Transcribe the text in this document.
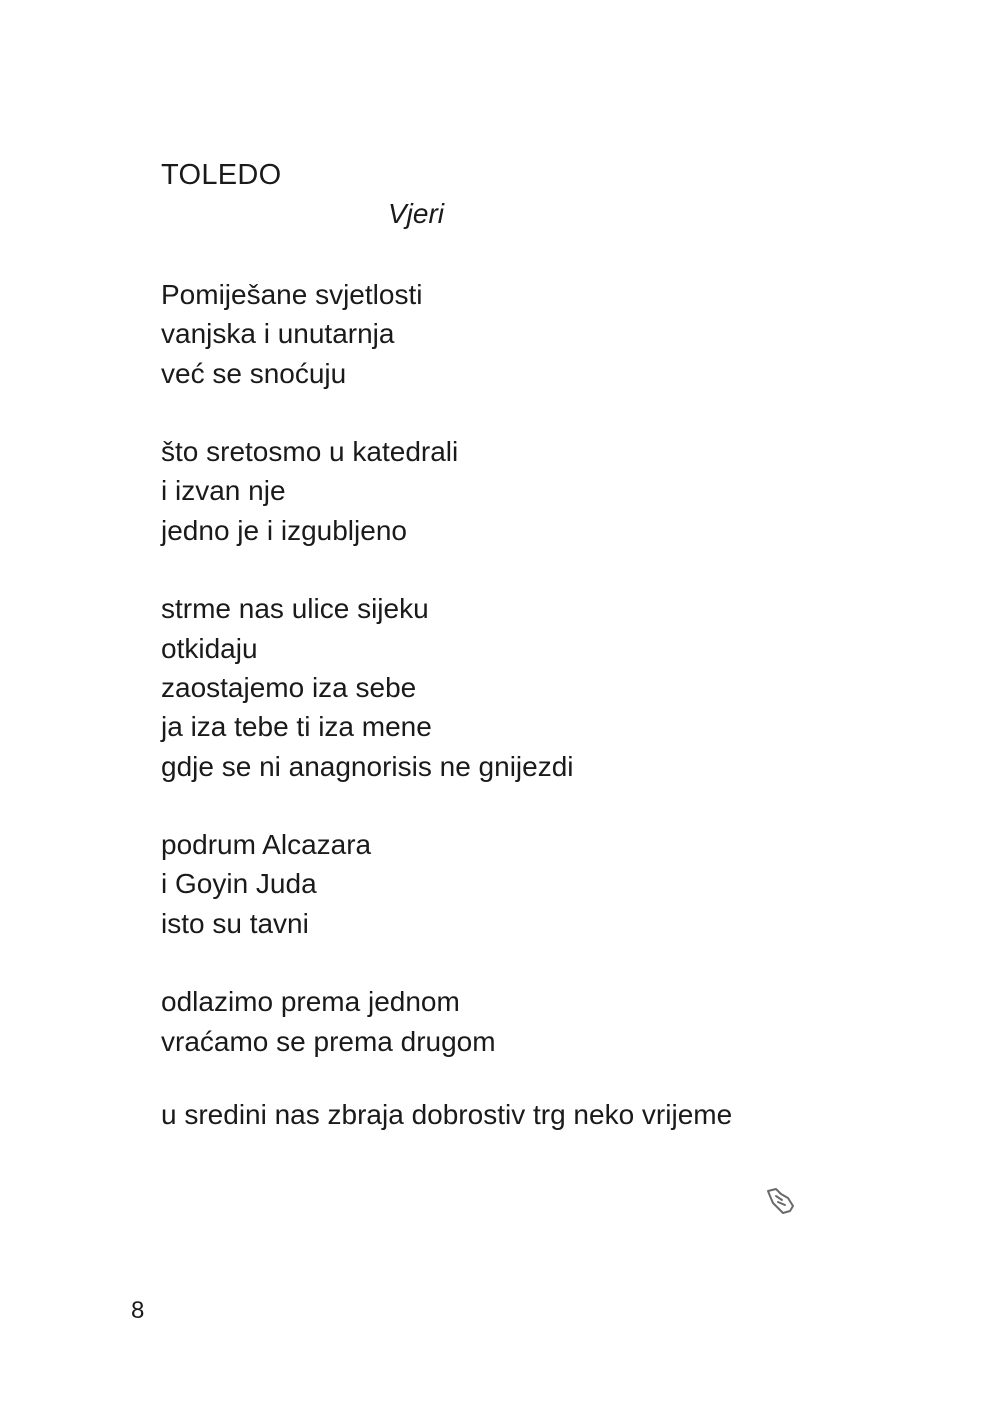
TOLEDO
Vjeri
Pomiješane svjetlosti
vanjska i unutarnja
već se snoćuju
što sretosmo u katedrali
i izvan nje
jedno je i izgubljeno
strme nas ulice sijeku
otkidaju
zaostajemo iza sebe
ja iza tebe ti iza mene
gdje se ni anagnorisis ne gnijezdi
podrum Alcazara
i Goyin Juda
isto su tavni
odlazimo prema jednom
vraćamo se prema drugom
u sredini nas zbraja dobrostiv trg neko vrijeme
8
